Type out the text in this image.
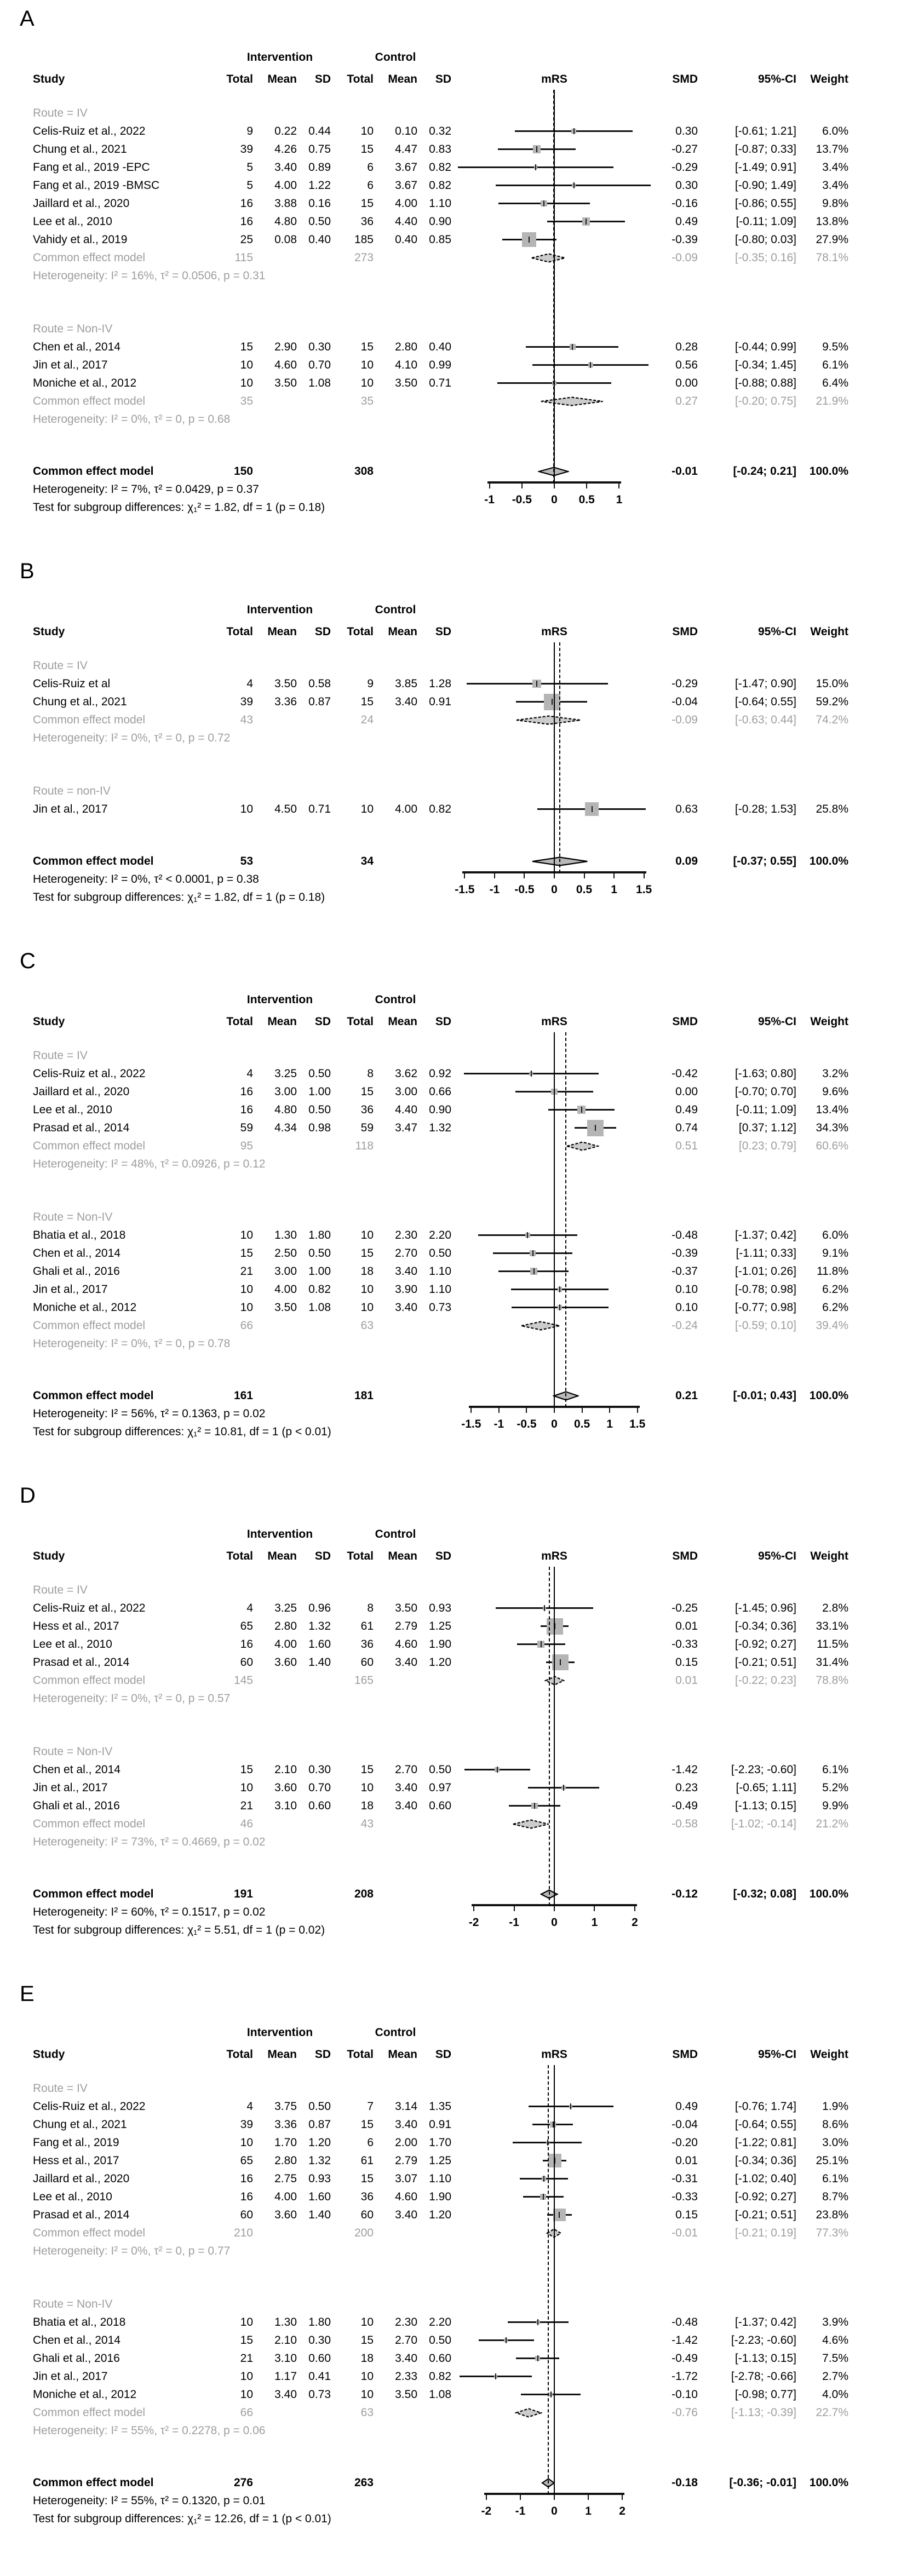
A
Intervention	Control
Study	Total	Mean	SD	Total	Mean	SD	mRS	SMD	95%-CI	Weight
Route = IV
Celis-Ruiz et al., 2022	9	0.22	0.44	10	0.10	0.32	0.30	[-0.61; 1.21]	6.0%
Chung et al., 2021	39	4.26	0.75	15	4.47	0.83	-0.27	[-0.87; 0.33]	13.7%
Fang et al., 2019 -EPC	5	3.40	0.89	6	3.67	0.82	-0.29	[-1.49; 0.91]	3.4%
Fang et al., 2019 -BMSC	5	4.00	1.22	6	3.67	0.82	0.30	[-0.90; 1.49]	3.4%
Jaillard et al., 2020	16	3.88	0.16	15	4.00	1.10	-0.16	[-0.86; 0.55]	9.8%
Lee et al., 2010	16	4.80	0.50	36	4.40	0.90	0.49	[-0.11; 1.09]	13.8%
Vahidy et al., 2019	25	0.08	0.40	185	0.40	0.85	-0.39	[-0.80; 0.03]	27.9%
Common effect model	115	273	-0.09	[-0.35; 0.16]	78.1%
Heterogeneity: I² = 16%, τ² = 0.0506, p = 0.31
Route = Non-IV
Chen et al., 2014	15	2.90	0.30	15	2.80	0.40	0.28	[-0.44; 0.99]	9.5%
Jin et al., 2017	10	4.60	0.70	10	4.10	0.99	0.56	[-0.34; 1.45]	6.1%
Moniche et al., 2012	10	3.50	1.08	10	3.50	0.71	0.00	[-0.88; 0.88]	6.4%
Common effect model	35	35	0.27	[-0.20; 0.75]	21.9%
Heterogeneity: I² = 0%, τ² = 0, p = 0.68
Common effect model	150	308	-0.01	[-0.24; 0.21]	100.0%
Heterogeneity: I² = 7%, τ² = 0.0429, p = 0.37
Test for subgroup differences: χ₁² = 1.82, df = 1 (p = 0.18)
-1	-0.5	0	0.5	1
B
Intervention	Control
Study	Total	Mean	SD	Total	Mean	SD	mRS	SMD	95%-CI	Weight
Route = IV
Celis-Ruiz et al	4	3.50	0.58	9	3.85	1.28	-0.29	[-1.47; 0.90]	15.0%
Chung et al., 2021	39	3.36	0.87	15	3.40	0.91	-0.04	[-0.64; 0.55]	59.2%
Common effect model	43	24	-0.09	[-0.63; 0.44]	74.2%
Heterogeneity: I² = 0%, τ² = 0, p = 0.72
Route = non-IV
Jin et al., 2017	10	4.50	0.71	10	4.00	0.82	0.63	[-0.28; 1.53]	25.8%
Common effect model	53	34	0.09	[-0.37; 0.55]	100.0%
Heterogeneity: I² = 0%, τ² < 0.0001, p = 0.38
Test for subgroup differences: χ₁² = 1.82, df = 1 (p = 0.18)
-1.5	-1	-0.5	0	0.5	1	1.5
C
Intervention	Control
Study	Total	Mean	SD	Total	Mean	SD	mRS	SMD	95%-CI	Weight
Route = IV
Celis-Ruiz et al., 2022	4	3.25	0.50	8	3.62	0.92	-0.42	[-1.63; 0.80]	3.2%
Jaillard et al., 2020	16	3.00	1.00	15	3.00	0.66	0.00	[-0.70; 0.70]	9.6%
Lee et al., 2010	16	4.80	0.50	36	4.40	0.90	0.49	[-0.11; 1.09]	13.4%
Prasad et al., 2014	59	4.34	0.98	59	3.47	1.32	0.74	[0.37; 1.12]	34.3%
Common effect model	95	118	0.51	[0.23; 0.79]	60.6%
Heterogeneity: I² = 48%, τ² = 0.0926, p = 0.12
Route = Non-IV
Bhatia et al., 2018	10	1.30	1.80	10	2.30	2.20	-0.48	[-1.37; 0.42]	6.0%
Chen et al., 2014	15	2.50	0.50	15	2.70	0.50	-0.39	[-1.11; 0.33]	9.1%
Ghali et al., 2016	21	3.00	1.00	18	3.40	1.10	-0.37	[-1.01; 0.26]	11.8%
Jin et al., 2017	10	4.00	0.82	10	3.90	1.10	0.10	[-0.78; 0.98]	6.2%
Moniche et al., 2012	10	3.50	1.08	10	3.40	0.73	0.10	[-0.77; 0.98]	6.2%
Common effect model	66	63	-0.24	[-0.59; 0.10]	39.4%
Heterogeneity: I² = 0%, τ² = 0, p = 0.78
Common effect model	161	181	0.21	[-0.01; 0.43]	100.0%
Heterogeneity: I² = 56%, τ² = 0.1363, p = 0.02
Test for subgroup differences: χ₁² = 10.81, df = 1 (p < 0.01)
-1.5	-1	-0.5	0	0.5	1	1.5
D
Intervention	Control
Study	Total	Mean	SD	Total	Mean	SD	mRS	SMD	95%-CI	Weight
Route = IV
Celis-Ruiz et al., 2022	4	3.25	0.96	8	3.50	0.93	-0.25	[-1.45; 0.96]	2.8%
Hess et al., 2017	65	2.80	1.32	61	2.79	1.25	0.01	[-0.34; 0.36]	33.1%
Lee et al., 2010	16	4.00	1.60	36	4.60	1.90	-0.33	[-0.92; 0.27]	11.5%
Prasad et al., 2014	60	3.60	1.40	60	3.40	1.20	0.15	[-0.21; 0.51]	31.4%
Common effect model	145	165	0.01	[-0.22; 0.23]	78.8%
Heterogeneity: I² = 0%, τ² = 0, p = 0.57
Route = Non-IV
Chen et al., 2014	15	2.10	0.30	15	2.70	0.50	-1.42	[-2.23; -0.60]	6.1%
Jin et al., 2017	10	3.60	0.70	10	3.40	0.97	0.23	[-0.65; 1.11]	5.2%
Ghali et al., 2016	21	3.10	0.60	18	3.40	0.60	-0.49	[-1.13; 0.15]	9.9%
Common effect model	46	43	-0.58	[-1.02; -0.14]	21.2%
Heterogeneity: I² = 73%, τ² = 0.4669, p = 0.02
Common effect model	191	208	-0.12	[-0.32; 0.08]	100.0%
Heterogeneity: I² = 60%, τ² = 0.1517, p = 0.02
Test for subgroup differences: χ₁² = 5.51, df = 1 (p = 0.02)
-2	-1	0	1	2
E
Intervention	Control
Study	Total	Mean	SD	Total	Mean	SD	mRS	SMD	95%-CI	Weight
Route = IV
Celis-Ruiz et al., 2022	4	3.75	0.50	7	3.14	1.35	0.49	[-0.76; 1.74]	1.9%
Chung et al., 2021	39	3.36	0.87	15	3.40	0.91	-0.04	[-0.64; 0.55]	8.6%
Fang et al., 2019	10	1.70	1.20	6	2.00	1.70	-0.20	[-1.22; 0.81]	3.0%
Hess et al., 2017	65	2.80	1.32	61	2.79	1.25	0.01	[-0.34; 0.36]	25.1%
Jaillard et al., 2020	16	2.75	0.93	15	3.07	1.10	-0.31	[-1.02; 0.40]	6.1%
Lee et al., 2010	16	4.00	1.60	36	4.60	1.90	-0.33	[-0.92; 0.27]	8.7%
Prasad et al., 2014	60	3.60	1.40	60	3.40	1.20	0.15	[-0.21; 0.51]	23.8%
Common effect model	210	200	-0.01	[-0.21; 0.19]	77.3%
Heterogeneity: I² = 0%, τ² = 0, p = 0.77
Route = Non-IV
Bhatia et al., 2018	10	1.30	1.80	10	2.30	2.20	-0.48	[-1.37; 0.42]	3.9%
Chen et al., 2014	15	2.10	0.30	15	2.70	0.50	-1.42	[-2.23; -0.60]	4.6%
Ghali et al., 2016	21	3.10	0.60	18	3.40	0.60	-0.49	[-1.13; 0.15]	7.5%
Jin et al., 2017	10	1.17	0.41	10	2.33	0.82	-1.72	[-2.78; -0.66]	2.7%
Moniche et al., 2012	10	3.40	0.73	10	3.50	1.08	-0.10	[-0.98; 0.77]	4.0%
Common effect model	66	63	-0.76	[-1.13; -0.39]	22.7%
Heterogeneity: I² = 55%, τ² = 0.2278, p = 0.06
Common effect model	276	263	-0.18	[-0.36; -0.01]	100.0%
Heterogeneity: I² = 55%, τ² = 0.1320, p = 0.01
Test for subgroup differences: χ₁² = 12.26, df = 1 (p < 0.01)
-2	-1	0	1	2
